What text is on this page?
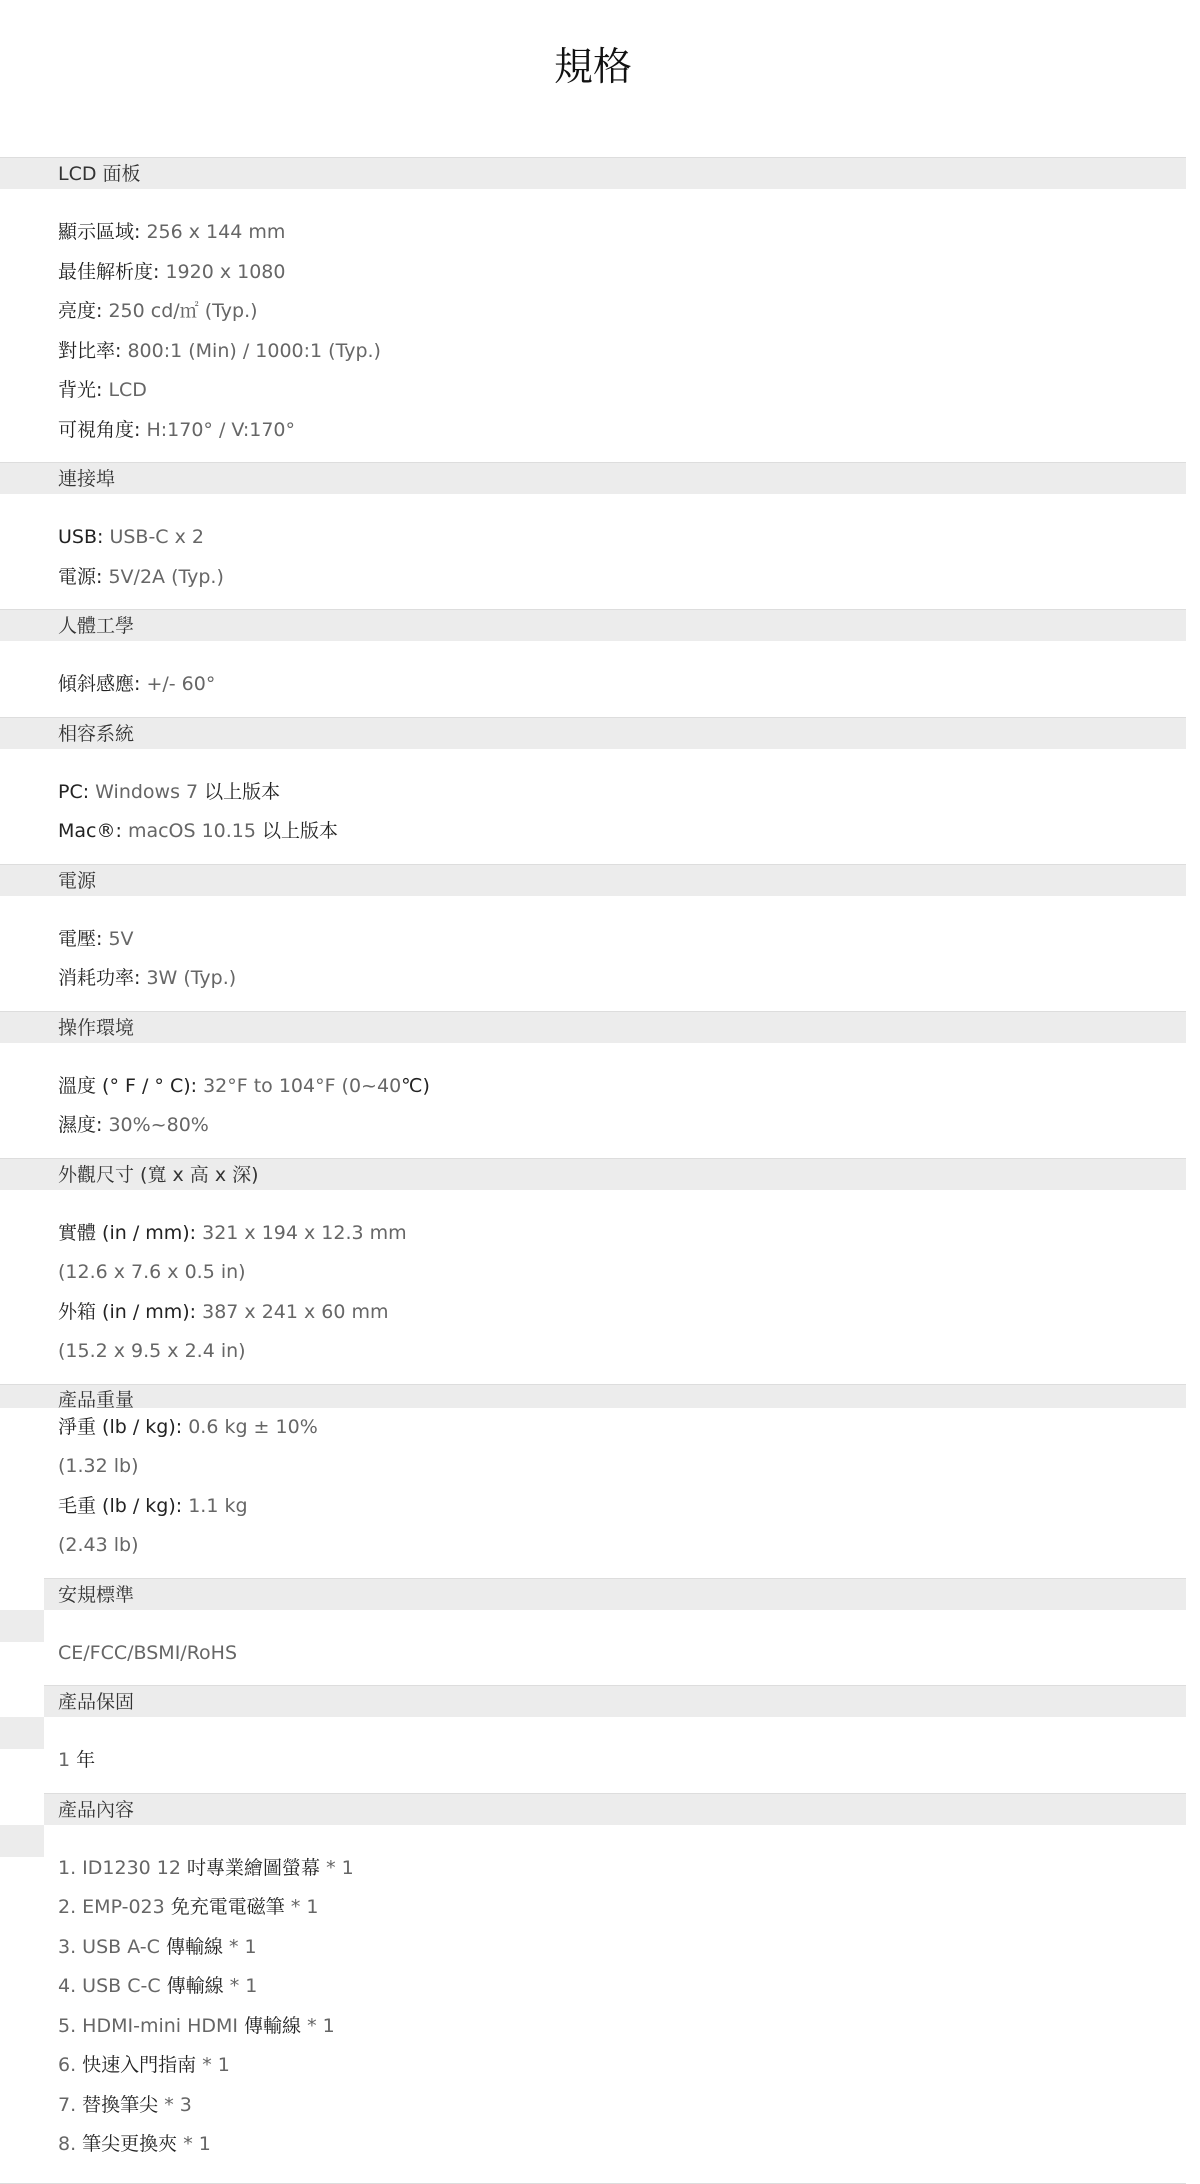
規格
LCD 面板
顯示區域: 256 x 144 mm
最佳解析度: 1920 x 1080
亮度: 250 cd/㎡ (Typ.)
對比率: 800:1 (Min) / 1000:1 (Typ.)
背光: LCD
可視角度: H:170° / V:170°
連接埠
USB: USB-C x 2
電源: 5V/2A (Typ.)
人體工學
傾斜感應: +/- 60°
相容系統
PC: Windows 7 以上版本
Mac®: macOS 10.15 以上版本
電源
電壓: 5V
消耗功率: 3W (Typ.)
操作環境
溫度 (° F / ° C): 32°F to 104°F (0~40℃)
濕度: 30%~80%
外觀尺寸 (寬 x 高 x 深)
實體 (in / mm): 321 x 194 x 12.3 mm
(12.6 x 7.6 x 0.5 in)
外箱 (in / mm): 387 x 241 x 60 mm
(15.2 x 9.5 x 2.4 in)
產品重量
淨重 (lb / kg): 0.6 kg ± 10%
(1.32 lb)
毛重 (lb / kg): 1.1 kg
(2.43 lb)
安規標準
CE/FCC/BSMI/RoHS
產品保固
1 年
產品內容
1. ID1230 12 吋專業繪圖螢幕 * 1
2. EMP-023 免充電電磁筆 * 1
3. USB A-C 傳輸線 * 1
4. USB C-C 傳輸線 * 1
5. HDMI-mini HDMI 傳輸線 * 1
6. 快速入門指南 * 1
7. 替換筆尖 * 3
8. 筆尖更換夾 * 1
